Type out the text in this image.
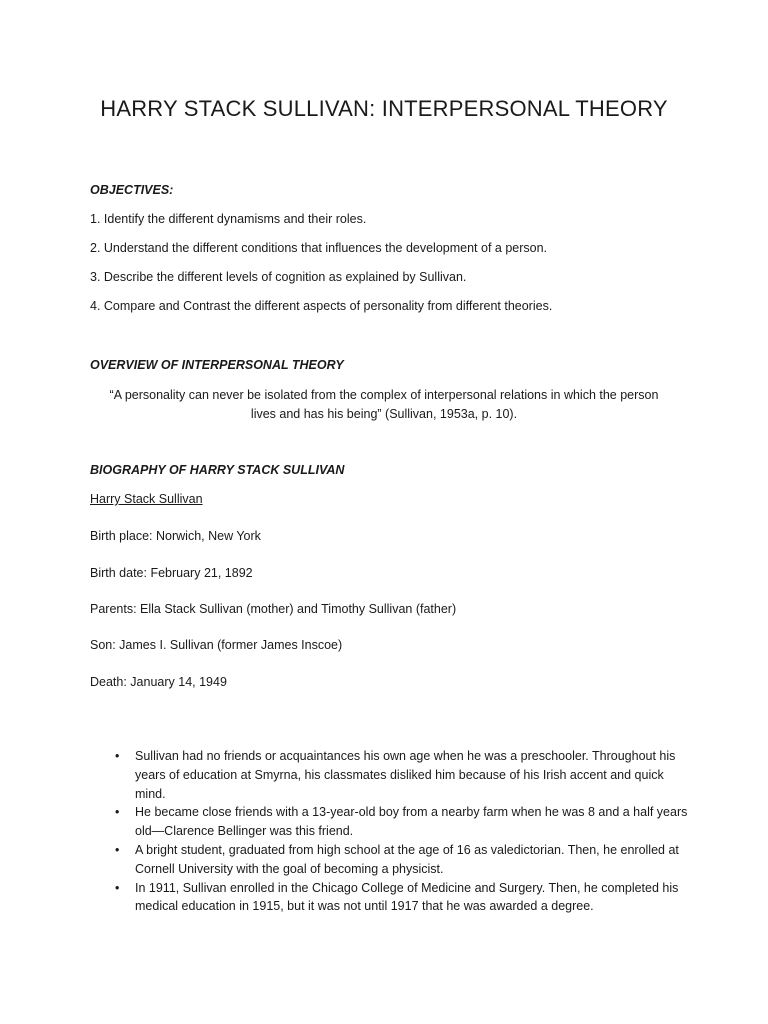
HARRY STACK SULLIVAN: INTERPERSONAL THEORY
OBJECTIVES:
1. Identify the different dynamisms and their roles.
2. Understand the different conditions that influences the development of a person.
3. Describe the different levels of cognition as explained by Sullivan.
4. Compare and Contrast the different aspects of personality from different theories.
OVERVIEW OF INTERPERSONAL THEORY
“A personality can never be isolated from the complex of interpersonal relations in which the person
lives and has his being” (Sullivan, 1953a, p. 10).
BIOGRAPHY OF HARRY STACK SULLIVAN
Harry Stack Sullivan
Birth place: Norwich, New York
Birth date: February 21, 1892
Parents: Ella Stack Sullivan (mother) and Timothy Sullivan (father)
Son: James I. Sullivan (former James Inscoe)
Death: January 14, 1949
• Sullivan had no friends or acquaintances his own age when he was a preschooler. Throughout his years of education at Smyrna, his classmates disliked him because of his Irish accent and quick mind.
• He became close friends with a 13-year-old boy from a nearby farm when he was 8 and a half years old—Clarence Bellinger was this friend.
• A bright student, graduated from high school at the age of 16 as valedictorian. Then, he enrolled at Cornell University with the goal of becoming a physicist.
• In 1911, Sullivan enrolled in the Chicago College of Medicine and Surgery. Then, he completed his medical education in 1915, but it was not until 1917 that he was awarded a degree.
